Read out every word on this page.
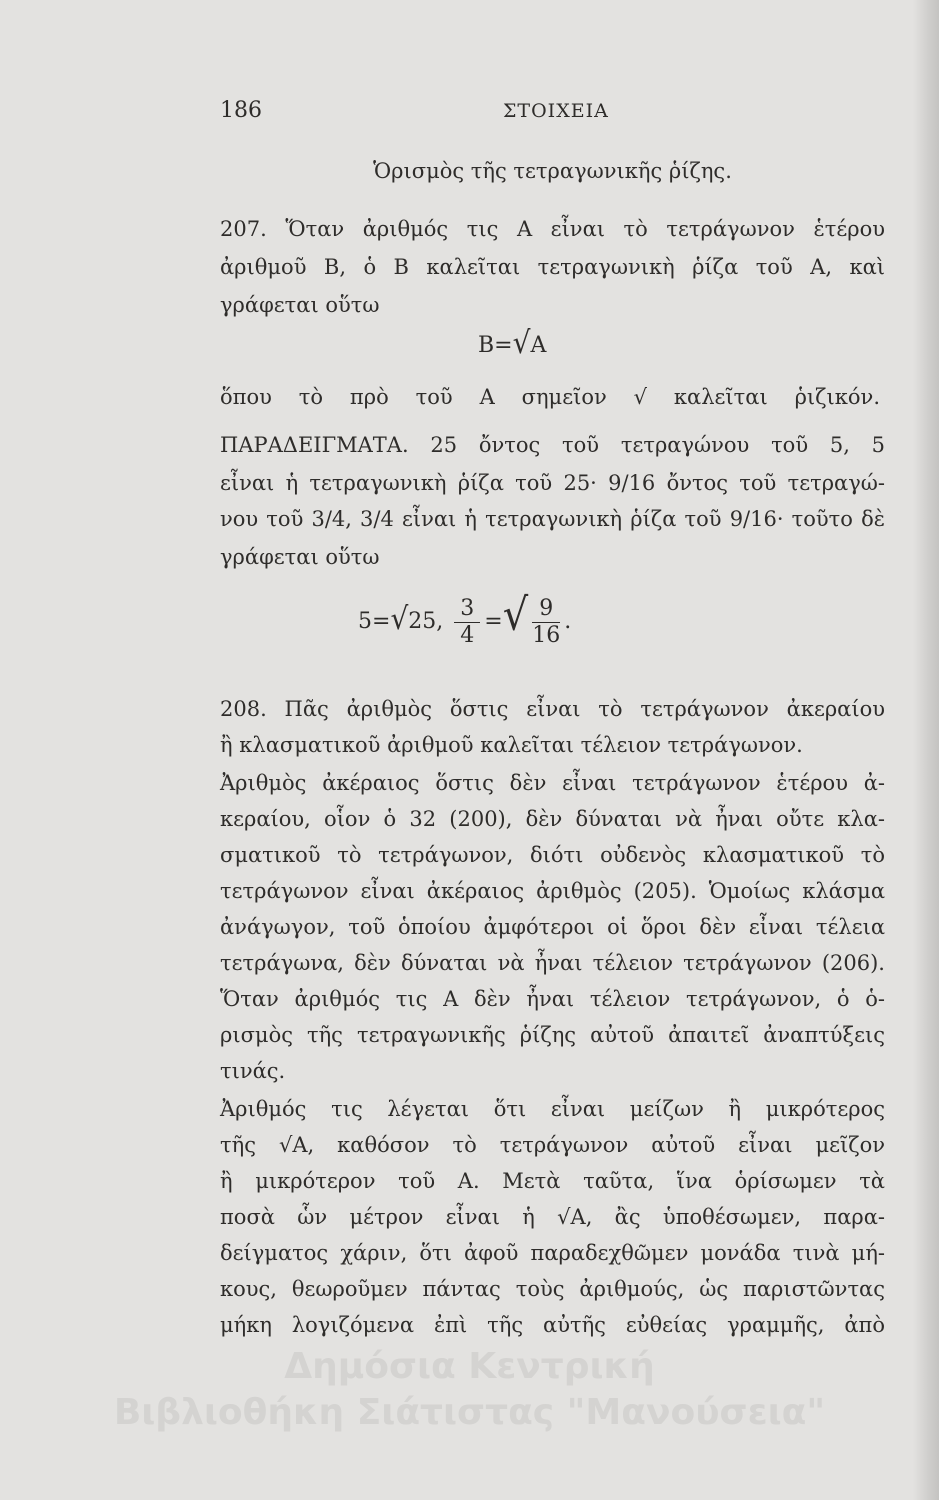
186	ΣΤΟΙΧΕΙΑ
Ὁρισμὸς τῆς τετραγωνικῆς ῥίζης.
207. Ὅταν ἀριθμός τις Α εἶναι τὸ τετράγωνον ἑτέρου
ἀριθμοῦ Β, ὁ Β καλεῖται τετραγωνικὴ ῥίζα τοῦ Α, καὶ
γράφεται οὕτω
Β=√Α
ὅπου τὸ πρὸ τοῦ Α σημεῖον √ καλεῖται ῥιζικόν.
ΠΑΡΑΔΕΙΓΜΑΤΑ. 25 ὄντος τοῦ τετραγώνου τοῦ 5, 5
εἶναι ἡ τετραγωνικὴ ῥίζα τοῦ 25· 9/16 ὄντος τοῦ τετραγώ-
νου τοῦ 3/4, 3/4 εἶναι ἡ τετραγωνικὴ ῥίζα τοῦ 9/16· τοῦτο δὲ
γράφεται οὕτω
5=√25, $\frac{3}{4}$ =√ $\frac{9}{16}$ .
208. Πᾶς ἀριθμὸς ὅστις εἶναι τὸ τετράγωνον ἀκεραίου
ἢ κλασματικοῦ ἀριθμοῦ καλεῖται τέλειον τετράγωνον.
Ἀριθμὸς ἀκέραιος ὅστις δὲν εἶναι τετράγωνον ἑτέρου ἀ-
κεραίου, οἷον ὁ 32 (200), δὲν δύναται νὰ ἦναι οὔτε κλα-
σματικοῦ τὸ τετράγωνον, διότι οὐδενὸς κλασματικοῦ τὸ
τετράγωνον εἶναι ἀκέραιος ἀριθμὸς (205). Ὁμοίως κλάσμα
ἀνάγωγον, τοῦ ὁποίου ἀμφότεροι οἱ ὅροι δὲν εἶναι τέλεια
τετράγωνα, δὲν δύναται νὰ ἦναι τέλειον τετράγωνον (206).
Ὅταν ἀριθμός τις Α δὲν ἦναι τέλειον τετράγωνον, ὁ ὁ-
ρισμὸς τῆς τετραγωνικῆς ῥίζης αὐτοῦ ἀπαιτεῖ ἀναπτύξεις
τινάς.
Ἀριθμός τις λέγεται ὅτι εἶναι μείζων ἢ μικρότερος
τῆς √Α, καθόσον τὸ τετράγωνον αὐτοῦ εἶναι μεῖζον
ἢ μικρότερον τοῦ Α. Μετὰ ταῦτα, ἵνα ὁρίσωμεν τὰ
ποσὰ ὧν μέτρον εἶναι ἡ √Α, ἂς ὑποθέσωμεν, παρα-
δείγματος χάριν, ὅτι ἀφοῦ παραδεχθῶμεν μονάδα τινὰ μή-
κους, θεωροῦμεν πάντας τοὺς ἀριθμούς, ὡς παριστῶντας
μήκη λογιζόμενα ἐπὶ τῆς αὐτῆς εὐθείας γραμμῆς, ἀπὸ
Δημόσια Κεντρική
Βιβλιοθήκη Σιάτιστας "Μανούσεια"
